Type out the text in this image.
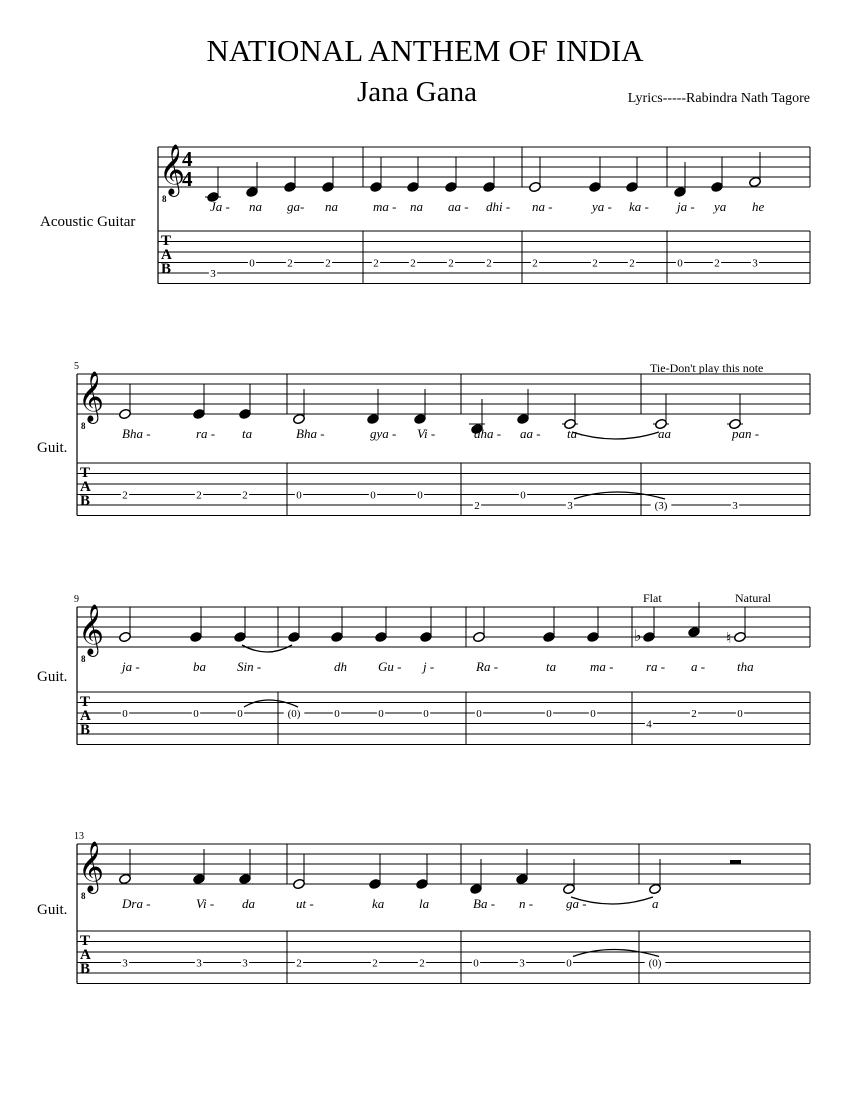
NATIONAL ANTHEM OF INDIA
Jana Gana	Lyrics-----Rabindra Nath Tagore
Acoustic Guitar
𝄞
8
T
A
B
4
4
Ja -
3
na
0
ga-
2
na
2
ma -
2
na
2
aa -
2
dhi -
2
na -
2
ya -
2
ka -
2
ja -
0
ya
2
he
3
Guit.
5
𝄞
8
T
A
B
Bha -
2
ra -
2
ta
2
Bha -
0
gya -
0
Vi -
0
dha -
2
aa -
0
ta -
3
aa
(3)
pan -
3
Guit.
9
𝄞
8
T
A
B
ja -
0
ba
0
Sin -
0	(0)
dh
0
Gu -
0
j -
0
Ra -
0
ta
0
ma -
0
♭
ra -
4
a -
2
♮
tha
0
Guit.
13
𝄞
8
T
A
B
Dra -
3
Vi -
3
da
3
ut -
2
ka
2
la
2
Ba -
0
n -
3
ga -
0
a
(0)
Tie-Don't play this note
Flat	Natural
